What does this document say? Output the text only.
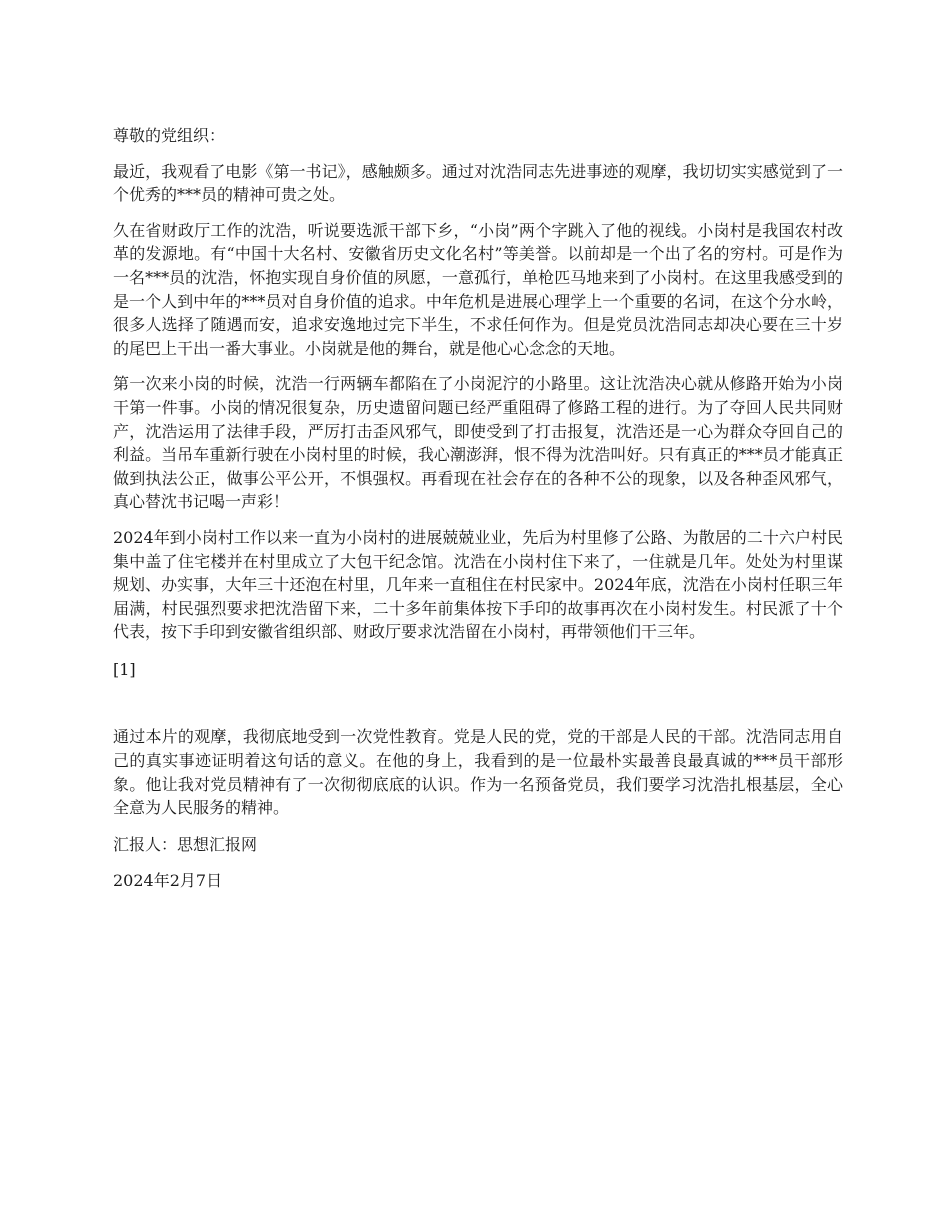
尊敬的党组织：

最近，我观看了电影《第一书记》，感触颇多。通过对沈浩同志先进事迹的观摩，我切切实实感觉到了一个优秀的***员的精神可贵之处。

久在省财政厅工作的沈浩，听说要选派干部下乡，“小岗”两个字跳入了他的视线。小岗村是我国农村改革的发源地。有“中国十大名村、安徽省历史文化名村”等美誉。以前却是一个出了名的穷村。可是作为一名***员的沈浩，怀抱实现自身价值的夙愿，一意孤行，单枪匹马地来到了小岗村。在这里我感受到的是一个人到中年的***员对自身价值的追求。中年危机是进展心理学上一个重要的名词，在这个分水岭，很多人选择了随遇而安，追求安逸地过完下半生，不求任何作为。但是党员沈浩同志却决心要在三十岁的尾巴上干出一番大事业。小岗就是他的舞台，就是他心心念念的天地。

第一次来小岗的时候，沈浩一行两辆车都陷在了小岗泥泞的小路里。这让沈浩决心就从修路开始为小岗干第一件事。小岗的情况很复杂，历史遗留问题已经严重阻碍了修路工程的进行。为了夺回人民共同财产，沈浩运用了法律手段，严厉打击歪风邪气，即使受到了打击报复，沈浩还是一心为群众夺回自己的利益。当吊车重新行驶在小岗村里的时候，我心潮澎湃，恨不得为沈浩叫好。只有真正的***员才能真正做到执法公正，做事公平公开，不惧强权。再看现在社会存在的各种不公的现象，以及各种歪风邪气，真心替沈书记喝一声彩！

2024年到小岗村工作以来一直为小岗村的进展兢兢业业，先后为村里修了公路、为散居的二十六户村民集中盖了住宅楼并在村里成立了大包干纪念馆。沈浩在小岗村住下来了，一住就是几年。处处为村里谋规划、办实事，大年三十还泡在村里，几年来一直租住在村民家中。2024年底，沈浩在小岗村任职三年届满，村民强烈要求把沈浩留下来，二十多年前集体按下手印的故事再次在小岗村发生。村民派了十个代表，按下手印到安徽省组织部、财政厅要求沈浩留在小岗村，再带领他们干三年。

[1]

通过本片的观摩，我彻底地受到一次党性教育。党是人民的党，党的干部是人民的干部。沈浩同志用自己的真实事迹证明着这句话的意义。在他的身上，我看到的是一位最朴实最善良最真诚的***员干部形象。他让我对党员精神有了一次彻彻底底的认识。作为一名预备党员，我们要学习沈浩扎根基层，全心全意为人民服务的精神。

汇报人：思想汇报网

2024年2月7日
